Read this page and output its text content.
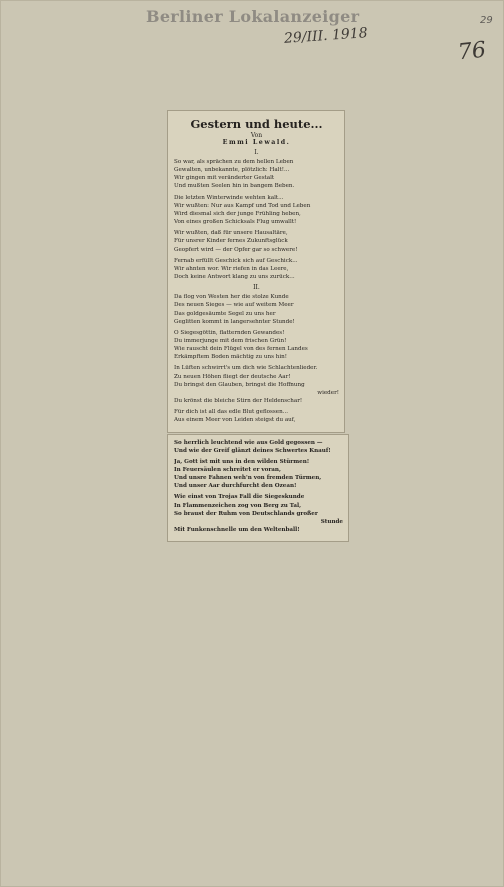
Berliner Lokalanzeiger
29/III. 1918
29
76
Gestern und heute...
Von
Emmi Lewald.
I.
So war, als sprächen zu dem hellen Leben
Gewalten, unbekannte, plötzlich: Halt!...
Wir gingen mit veränderter Gestalt
Und mußten Seelen hin in bangem Beben.
Die letzten Winterwinde wehten kalt...
Wir wußten: Nur aus Kampf und Tod und Leben
Wird diesmal sich der junge Frühling heben,
Von eines großen Schicksals Flug umwallt!
Wir wußten, daß für unsere Hausaltäre,
Für unsrer Kinder fernes Zukunftsglück
Geopfert wird — der Opfer gar so schwere!
Fernab erfüllt Geschick sich auf Geschick...
Wir ahnten wor. Wir riefen in das Leere,
Doch keine Antwort klang zu uns zurück...
II.
Da flog von Westen her die stolze Kunde
Des neuen Sieges — wie auf weitem Meer
Das goldgesäumte Segel zu uns her
Geglitten kommt in langersehnter Stunde!
O Siegesgöttin, flatternden Gewandes!
Du immerjunge mit dem frischen Grün!
Wie rauscht dein Flügel von des fernen Landes
Erkämpftem Boden mächtig zu uns hin!
In Lüften schwirrt's um dich wie Schlachtenlieder.
Zu neuen Höhen fliegt der deutsche Aar!
Du bringst den Glauben, bringst die Hoffnung
wieder!
Du krönst die bleiche Stirn der Heldenschar!
Für dich ist all das edle Blut geflossen...
Aus einem Meer von Leiden steigst du auf,
So herrlich leuchtend wie aus Gold gegossen —
Und wie der Greif glänzt deines Schwertes Knauf!
Ja, Gott ist mit uns in den wilden Stürmen!
In Feuersäulen schreitet er voran,
Und unsre Fahnen weh'n von fremden Türmen,
Und unser Aar durchfurcht den Ozean!
Wie einst von Trojas Fall die Siegeskunde
In Flammenzeichen zog von Berg zu Tal,
So braust der Ruhm von Deutschlands großer
Stunde
Mit Funkenschnelle um den Weltenball!
